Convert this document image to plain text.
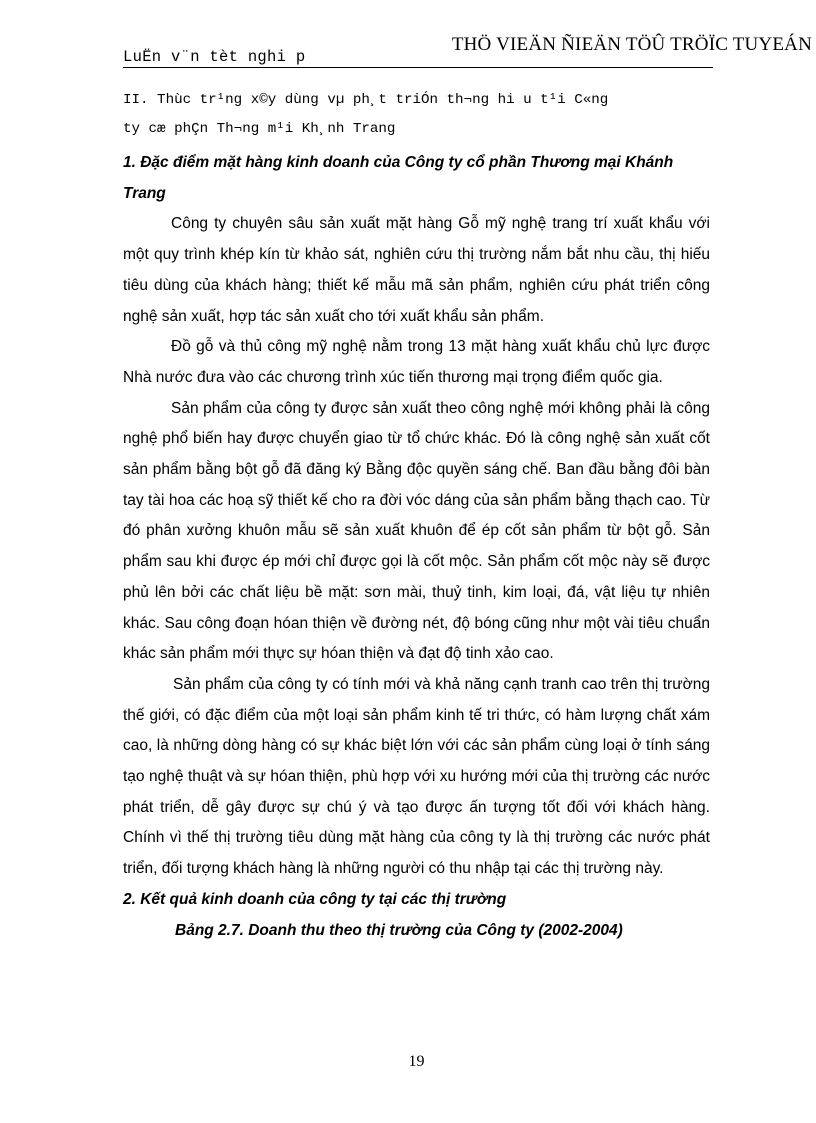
LuËn v¨n tèt nghi p
THÖ VIEÄN ÑIEÄN TÖÛ TRÖÏC TUYEÁN
II. Thùc tr¹ng x©y dùng vµ ph¸t triÓn th¬ng hi u t¹i C«ng
ty cæ phÇn Th¬ng m¹i Kh¸nh Trang

1. Đặc điểm mặt hàng kinh doanh của Công ty cổ phần Thương mại Khánh Trang

Công ty chuyên sâu sản xuất mặt hàng Gỗ mỹ nghệ trang trí xuất khẩu với một quy trình khép kín từ khảo sát, nghiên cứu thị trường nắm bắt nhu cầu, thị hiếu tiêu dùng của khách hàng; thiết kế mẫu mã sản phẩm, nghiên cứu phát triển công nghệ sản xuất, hợp tác sản xuất cho tới xuất khẩu sản phẩm.

Đồ gỗ và thủ công mỹ nghệ nằm trong 13 mặt hàng xuất khẩu chủ lực được Nhà nước đưa vào các chương trình xúc tiến thương mại trọng điểm quốc gia.

Sản phẩm của công ty được sản xuất theo công nghệ mới không phải là công nghệ phổ biến hay được chuyển giao từ tổ chức khác. Đó là công nghệ sản xuất cốt sản phẩm bằng bột gỗ đã đăng ký Bằng độc quyền sáng chế. Ban đầu bằng đôi bàn tay tài hoa các hoạ sỹ thiết kế cho ra đời vóc dáng của sản phẩm bằng thạch cao. Từ đó phân xưởng khuôn mẫu sẽ sản xuất khuôn để ép cốt sản phẩm từ bột gỗ. Sản phẩm sau khi được ép mới chỉ được gọi là cốt mộc. Sản phẩm cốt mộc này sẽ được phủ lên bởi các chất liệu bề mặt: sơn mài, thuỷ tinh, kim loại, đá, vật liệu tự nhiên khác. Sau công đoạn hóan thiện về đường nét, độ bóng cũng như một vài tiêu chuẩn khác sản phẩm mới thực sự hóan thiện và đạt độ tinh xảo cao.

Sản phẩm của công ty có tính mới và khả năng cạnh tranh cao trên thị trường thế giới, có đặc điểm của một loại sản phẩm kinh tế tri thức, có hàm lượng chất xám cao, là những dòng hàng có sự khác biệt lớn với các sản phẩm cùng loại ở tính sáng tạo nghệ thuật và sự hóan thiện, phù hợp với xu hướng mới của thị trường các nước phát triển, dễ gây được sự chú ý và tạo được ấn tượng tốt đối với khách hàng. Chính vì thế thị trường tiêu dùng mặt hàng của công ty là thị trường các nước phát triển, đối tượng khách hàng là những người có thu nhập tại các thị trường này.

2. Kết quả kinh doanh của công ty tại các thị trường

Bảng 2.7. Doanh thu theo thị trường của Công ty (2002-2004)

19
